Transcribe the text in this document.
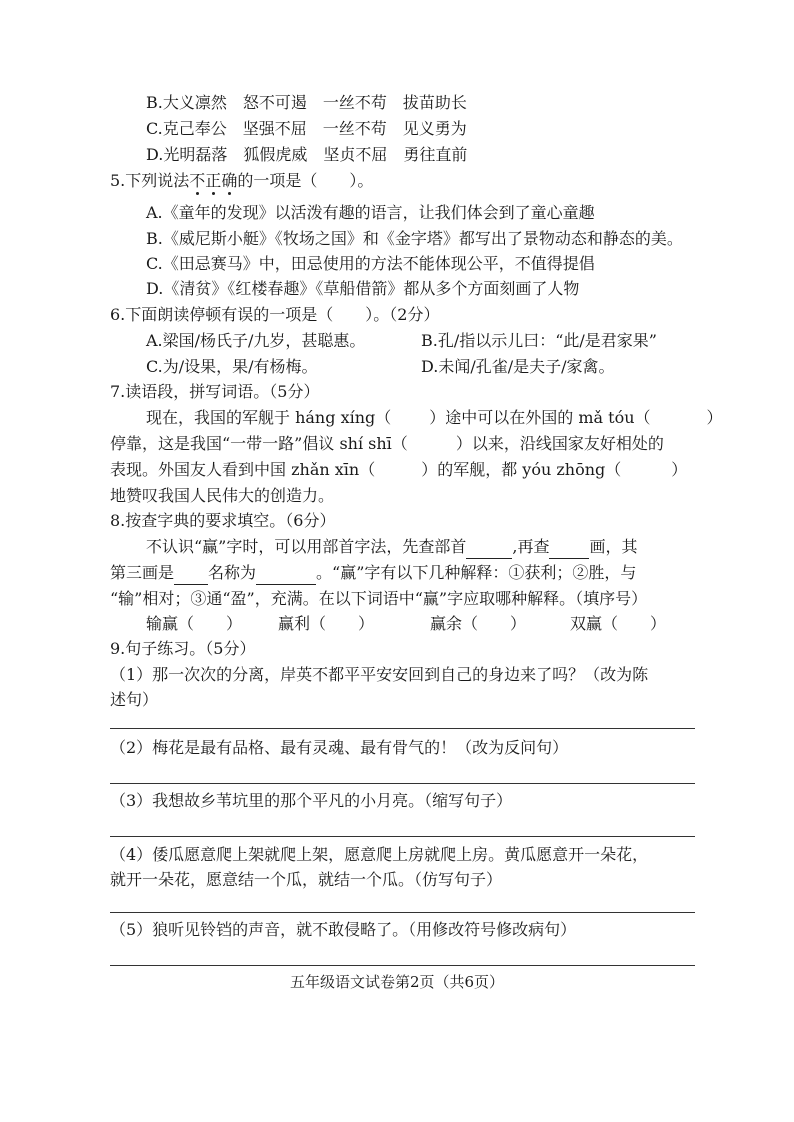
B.大义凛然　怒不可遏　一丝不苟　拔苗助长
C.克己奉公　坚强不屈　一丝不苟　见义勇为
D.光明磊落　狐假虎威　坚贞不屈　勇往直前
5.下列说法不正确的一项是（　　）。
A.《童年的发现》以活泼有趣的语言，让我们体会到了童心童趣
B.《威尼斯小艇》《牧场之国》和《金字塔》都写出了景物动态和静态的美。
C.《田忌赛马》中，田忌使用的方法不能体现公平，不值得提倡
D.《清贫》《红楼春趣》《草船借箭》都从多个方面刻画了人物
6.下面朗读停顿有误的一项是（　　）。（2分）
A.梁国/杨氏子/九岁，甚聪惠。	B.孔/指以示儿曰：“此/是君家果”
C.为/设果，果/有杨梅。	D.未闻/孔雀/是夫子/家禽。
7.读语段，拼写词语。（5分）
现在，我国的军舰于 háng xíng（ ）途中可以在外国的 mǎ tóu（	）
停靠，这是我国“一带一路”倡议 shí shī（	）以来，沿线国家友好相处的
表现。外国友人看到中国 zhǎn xīn（	）的军舰，都 yóu zhōng（	）
地赞叹我国人民伟大的创造力。
8.按查字典的要求填空。（6分）
不认识“赢”字时，可以用部首字法，先查部首	,再查	画，其
第三画是 名称为	。“赢”字有以下几种解释：①获利；②胜，与
“输”相对；③通“盈”，充满。在以下词语中“赢”字应取哪种解释。（填序号）
输赢（　　） 赢利（　　）	赢余（　　）	双赢（　　）
9.句子练习。（5分）
（1）那一次次的分离，岸英不都平平安安回到自己的身边来了吗？（改为陈
述句）
（2）梅花是最有品格、最有灵魂、最有骨气的！（改为反问句）
（3）我想故乡苇坑里的那个平凡的小月亮。（缩写句子）
（4）倭瓜愿意爬上架就爬上架，愿意爬上房就爬上房。黄瓜愿意开一朵花，
就开一朵花，愿意结一个瓜，就结一个瓜。（仿写句子）
（5）狼听见铃铛的声音，就不敢侵略了。（用修改符号修改病句）
五年级语文试卷第2页（共6页）
